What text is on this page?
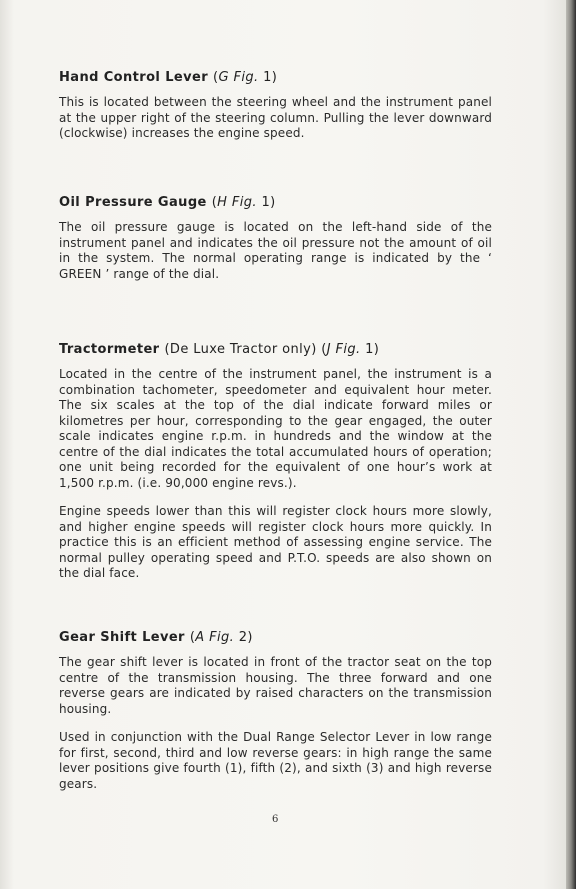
Hand Control Lever (G Fig. 1)

This is located between the steering wheel and the instrument panel at the upper right of the steering column. Pulling the lever downward (clockwise) increases the engine speed.

Oil Pressure Gauge (H Fig. 1)

The oil pressure gauge is located on the left-hand side of the instrument panel and indicates the oil pressure not the amount of oil in the system. The normal operating range is indicated by the ‘ GREEN ’ range of the dial.

Tractormeter (De Luxe Tractor only) (J Fig. 1)

Located in the centre of the instrument panel, the instrument is a combination tachometer, speedometer and equivalent hour meter. The six scales at the top of the dial indicate forward miles or kilometres per hour, corresponding to the gear engaged, the outer scale indicates engine r.p.m. in hundreds and the window at the centre of the dial indicates the total accumulated hours of operation; one unit being recorded for the equivalent of one hour’s work at 1,500 r.p.m. (i.e. 90,000 engine revs.).

Engine speeds lower than this will register clock hours more slowly, and higher engine speeds will register clock hours more quickly. In practice this is an efficient method of assessing engine service. The normal pulley operating speed and P.T.O. speeds are also shown on the dial face.

Gear Shift Lever (A Fig. 2)

The gear shift lever is located in front of the tractor seat on the top centre of the transmission housing. The three forward and one reverse gears are indicated by raised characters on the transmission housing.

Used in conjunction with the Dual Range Selector Lever in low range for first, second, third and low reverse gears: in high range the same lever positions give fourth (1), fifth (2), and sixth (3) and high reverse gears.

6
